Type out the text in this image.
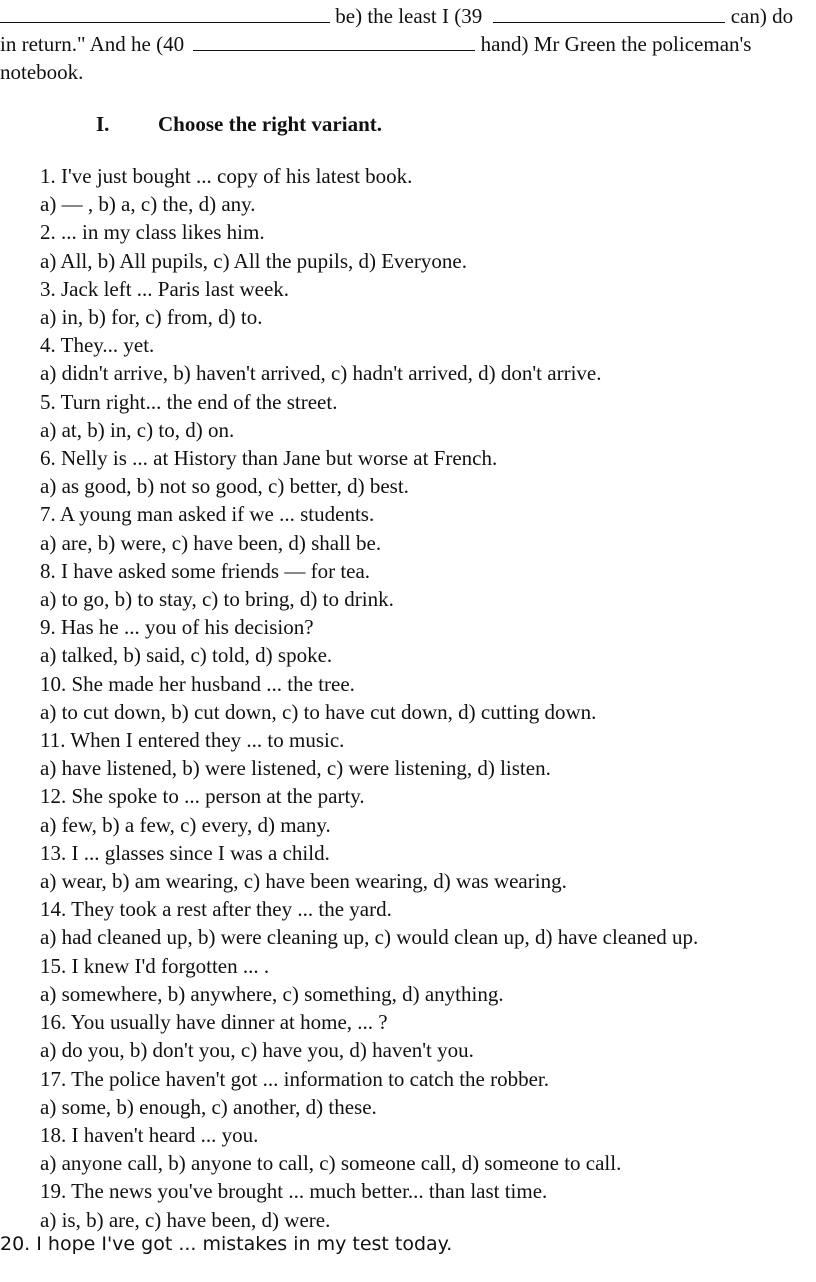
be) the least I (39	can) do
in return." And he (40	hand) Mr Green the policeman's
notebook.
I. Choose the right variant.
1. I've just bought ... copy of his latest book.
a) — , b) a, c) the, d) any.
2. ... in my class likes him.
a) All, b) All pupils, c) All the pupils, d) Everyone.
3. Jack left ... Paris last week.
a) in, b) for, c) from, d) to.
4. They... yet.
a) didn't arrive, b) haven't arrived, c) hadn't arrived, d) don't arrive.
5. Turn right... the end of the street.
a) at, b) in, c) to, d) on.
6. Nelly is ... at History than Jane but worse at French.
a) as good, b) not so good, c) better, d) best.
7. A young man asked if we ... students.
a) are, b) were, c) have been, d) shall be.
8. I have asked some friends — for tea.
a) to go, b) to stay, c) to bring, d) to drink.
9. Has he ... you of his decision?
a) talked, b) said, c) told, d) spoke.
10. She made her husband ... the tree.
a) to cut down, b) cut down, c) to have cut down, d) cutting down.
11. When I entered they ... to music.
a) have listened, b) were listened, c) were listening, d) listen.
12. She spoke to ... person at the party.
a) few, b) a few, c) every, d) many.
13. I ... glasses since I was a child.
a) wear, b) am wearing, c) have been wearing, d) was wearing.
14. They took a rest after they ... the yard.
a) had cleaned up, b) were cleaning up, c) would clean up, d) have cleaned up.
15. I knew I'd forgotten ... .
a) somewhere, b) anywhere, c) something, d) anything.
16. You usually have dinner at home, ... ?
a) do you, b) don't you, c) have you, d) haven't you.
17. The police haven't got ... information to catch the robber.
a) some, b) enough, c) another, d) these.
18. I haven't heard ... you.
a) anyone call, b) anyone to call, c) someone call, d) someone to call.
19. The news you've brought ... much better... than last time.
a) is, b) are, c) have been, d) were.
20. I hope I've got ... mistakes in my test today.
